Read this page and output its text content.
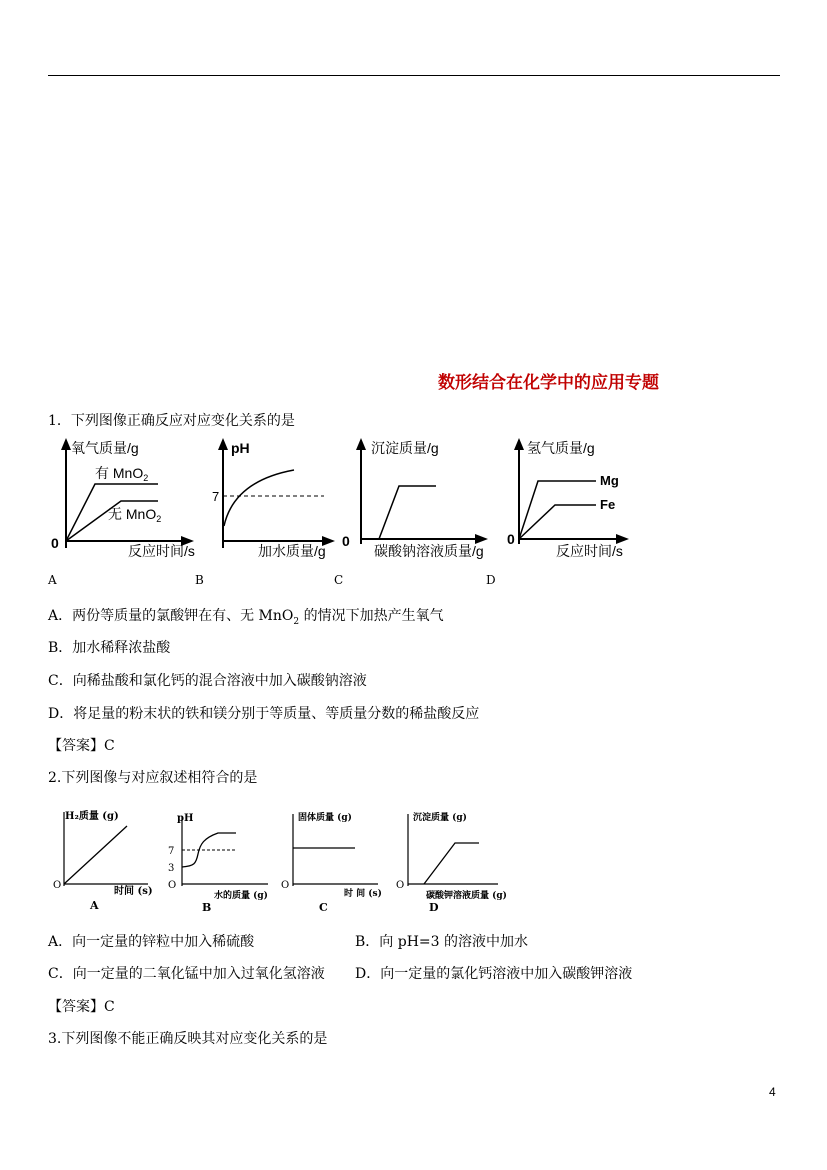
数形结合在化学中的应用专题
1．下列图像正确反应对应变化关系的是
氧气质量/g
0	反应时间/s
有 MnO$_2$
无 MnO$_2$
pH
7
加水质量/g
沉淀质量/g
0
碳酸钠溶液质量/g
氢气质量/g
0
反应时间/s
Mg
Fe
A	B	C	D
A．两份等质量的氯酸钾在有、无 MnO$_2$ 的情况下加热产生氧气
B．加水稀释浓盐酸
C．向稀盐酸和氯化钙的混合溶液中加入碳酸钠溶液
D．将足量的粉末状的铁和镁分别于等质量、等质量分数的稀盐酸反应
【答案】C
2.下列图像与对应叙述相符合的是
H₂质量 (g)
O
时间 (s)
A
pH
7
3
O
水的质量 (g)
B
固体质量 (g)
O
时 间 (s)
C
沉淀质量 (g)
O
碳酸钾溶液质量 (g)
D
A．向一定量的锌粒中加入稀硫酸	B．向 pH=3 的溶液中加水
C．向一定量的二氧化锰中加入过氧化氢溶液 D．向一定量的氯化钙溶液中加入碳酸钾溶液
【答案】C
3.下列图像不能正确反映其对应变化关系的是
4
